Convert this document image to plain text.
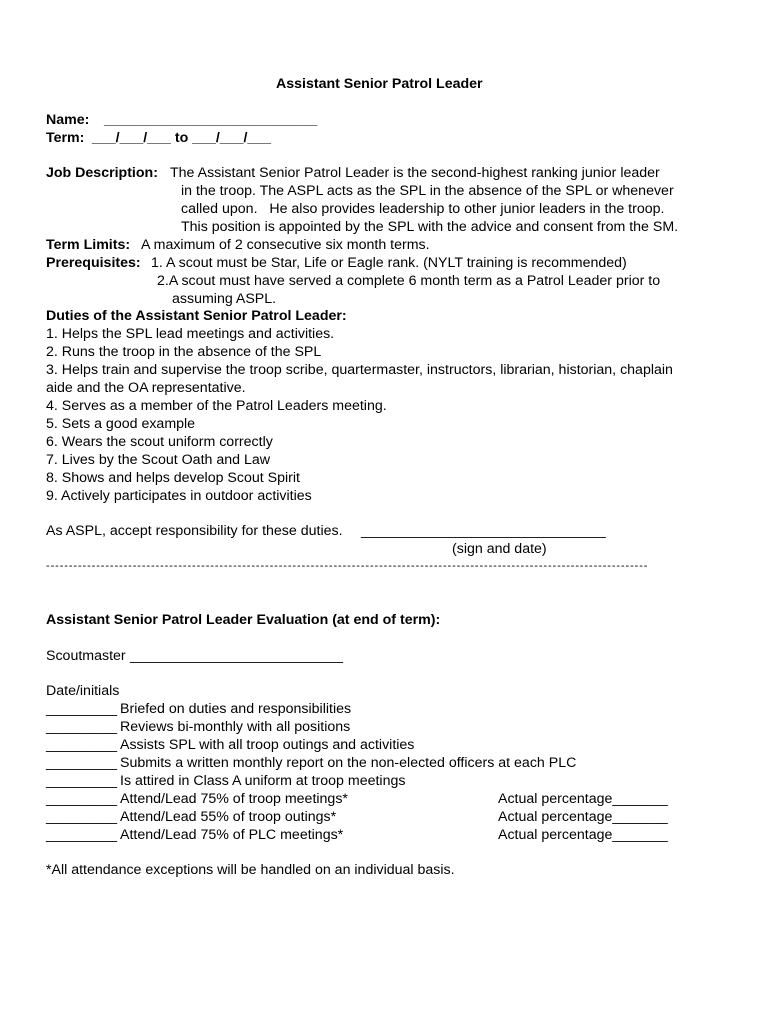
Assistant Senior Patrol Leader
Name: ___________________________
Term: ___/___/___ to ___/___/___
Job Description: The Assistant Senior Patrol Leader is the second-highest ranking junior leader
in the troop. The ASPL acts as the SPL in the absence of the SPL or whenever
called upon.   He also provides leadership to other junior leaders in the troop.
This position is appointed by the SPL with the advice and consent from the SM.
Term Limits: A maximum of 2 consecutive six month terms.
Prerequisites: 1. A scout must be Star, Life or Eagle rank. (NYLT training is recommended)
2.A scout must have served a complete 6 month term as a Patrol Leader prior to
assuming ASPL.
Duties of the Assistant Senior Patrol Leader:
1. Helps the SPL lead meetings and activities.
2. Runs the troop in the absence of the SPL
3. Helps train and supervise the troop scribe, quartermaster, instructors, librarian, historian, chaplain
aide and the OA representative.
4. Serves as a member of the Patrol Leaders meeting.
5. Sets a good example
6. Wears the scout uniform correctly
7. Lives by the Scout Oath and Law
8. Shows and helps develop Scout Spirit
9. Actively participates in outdoor activities
As ASPL, accept responsibility for these duties. _______________________________
(sign and date)
------------------------------------------------------------------------------------------------------------------------------------
Assistant Senior Patrol Leader Evaluation (at end of term):
Scoutmaster ___________________________
Date/initials
_________ Briefed on duties and responsibilities
_________ Reviews bi-monthly with all positions
_________ Assists SPL with all troop outings and activities
_________ Submits a written monthly report on the non-elected officers at each PLC
_________ Is attired in Class A uniform at troop meetings
_________ Attend/Lead 75% of troop meetings*	Actual percentage_______
_________ Attend/Lead 55% of troop outings*	Actual percentage_______
_________ Attend/Lead 75% of PLC meetings*	Actual percentage_______
*All attendance exceptions will be handled on an individual basis.
